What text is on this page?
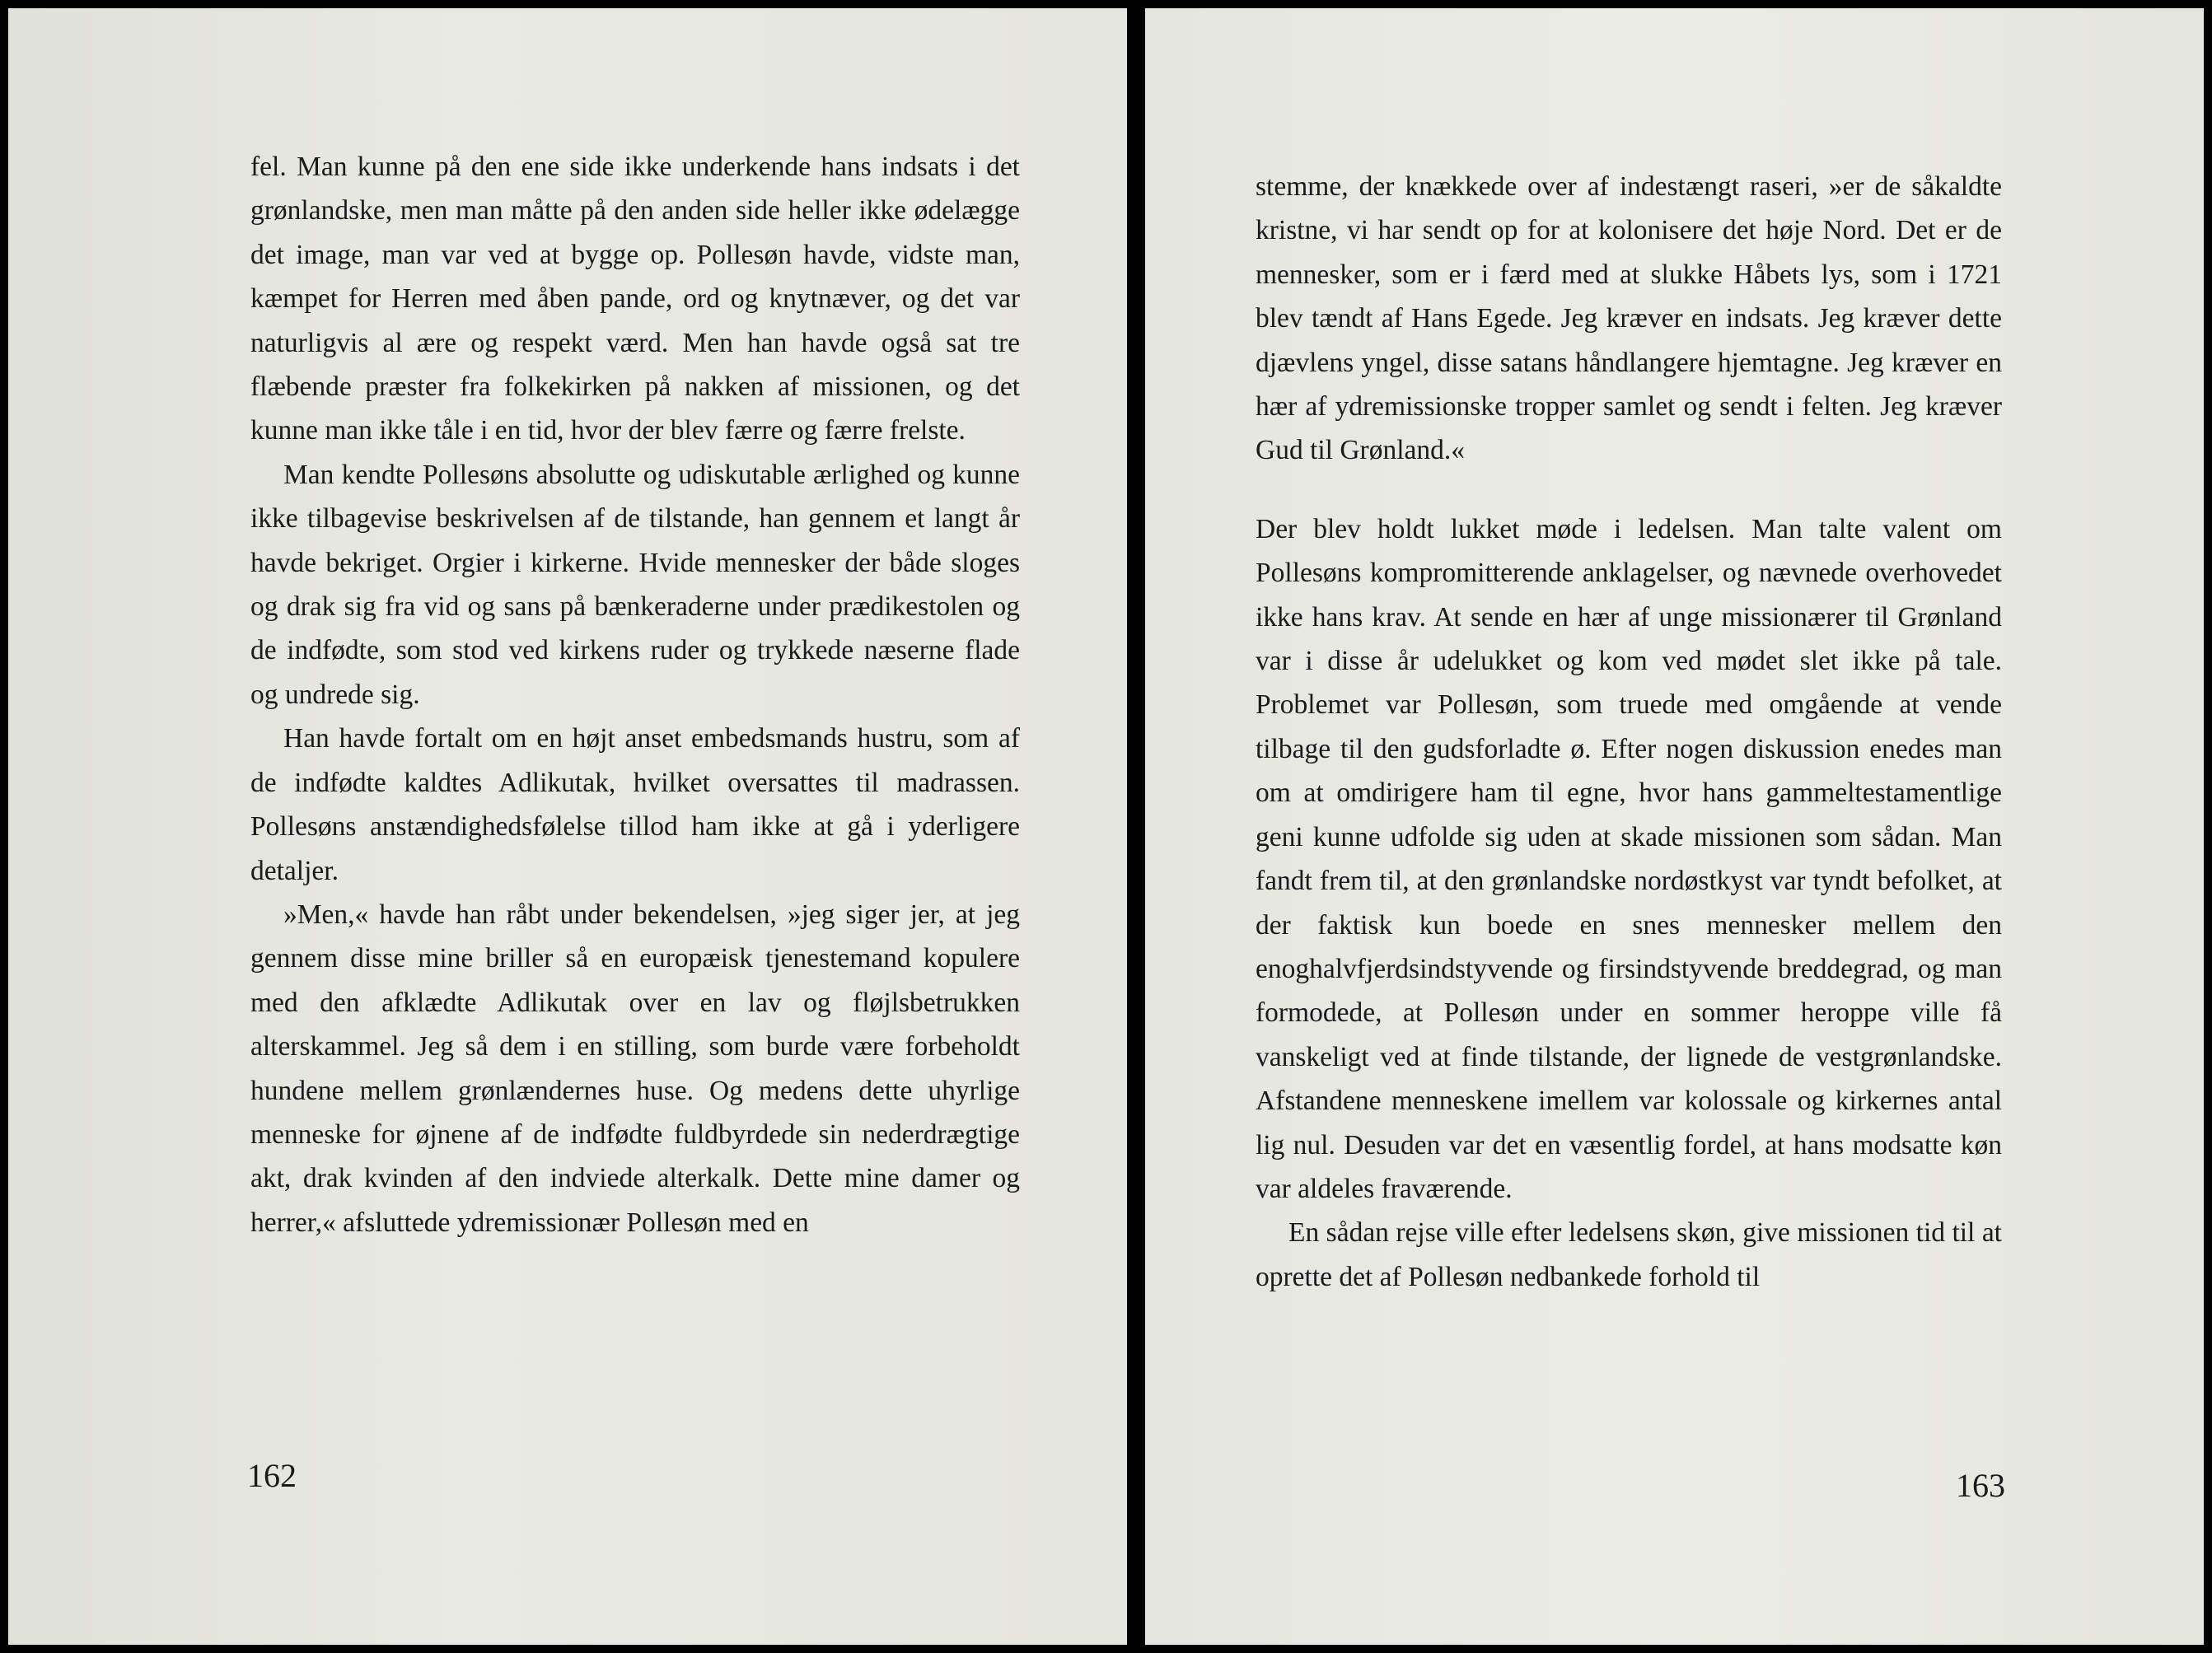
fel. Man kunne på den ene side ikke underkende hans indsats i det grønlandske, men man måtte på den anden side heller ikke ødelægge det image, man var ved at bygge op. Pollesøn havde, vidste man, kæmpet for Herren med åben pande, ord og knytnæver, og det var naturligvis al ære og respekt værd. Men han havde også sat tre flæbende præster fra folkekirken på nakken af missionen, og det kunne man ikke tåle i en tid, hvor der blev færre og færre frelste.

Man kendte Pollesøns absolutte og udiskutable ærlighed og kunne ikke tilbagevise beskrivelsen af de tilstande, han gennem et langt år havde bekriget. Orgier i kirkerne. Hvide mennesker der både sloges og drak sig fra vid og sans på bænkeraderne under prædikestolen og de indfødte, som stod ved kirkens ruder og trykkede næserne flade og undrede sig.

Han havde fortalt om en højt anset embedsmands hustru, som af de indfødte kaldtes Adlikutak, hvilket oversattes til madrassen. Pollesøns anstændighedsfølelse tillod ham ikke at gå i yderligere detaljer.

»Men,« havde han råbt under bekendelsen, »jeg siger jer, at jeg gennem disse mine briller så en europæisk tjenestemand kopulere med den afklædte Adlikutak over en lav og fløjlsbetrukken alterskammel. Jeg så dem i en stilling, som burde være forbeholdt hundene mellem grønlændernes huse. Og medens dette uhyrlige menneske for øjnene af de indfødte fuldbyrdede sin nederdrægtige akt, drak kvinden af den indviede alterkalk. Dette mine damer og herrer,« afsluttede ydremissionær Pollesøn med en

162

stemme, der knækkede over af indestængt raseri, »er de såkaldte kristne, vi har sendt op for at kolonisere det høje Nord. Det er de mennesker, som er i færd med at slukke Håbets lys, som i 1721 blev tændt af Hans Egede. Jeg kræver en indsats. Jeg kræver dette djævlens yngel, disse satans håndlangere hjemtagne. Jeg kræver en hær af ydremissionske tropper samlet og sendt i felten. Jeg kræver Gud til Grønland.«

Der blev holdt lukket møde i ledelsen. Man talte valent om Pollesøns kompromitterende anklagelser, og nævnede overhovedet ikke hans krav. At sende en hær af unge missionærer til Grønland var i disse år udelukket og kom ved mødet slet ikke på tale. Problemet var Pollesøn, som truede med omgående at vende tilbage til den gudsforladte ø. Efter nogen diskussion enedes man om at omdirigere ham til egne, hvor hans gammeltestamentlige geni kunne udfolde sig uden at skade missionen som sådan. Man fandt frem til, at den grønlandske nordøstkyst var tyndt befolket, at der faktisk kun boede en snes mennesker mellem den enoghalvfjerdsindstyvende og firsindstyvende breddegrad, og man formodede, at Pollesøn under en sommer heroppe ville få vanskeligt ved at finde tilstande, der lignede de vestgrønlandske. Afstandene menneskene imellem var kolossale og kirkernes antal lig nul. Desuden var det en væsentlig fordel, at hans modsatte køn var aldeles fraværende.

En sådan rejse ville efter ledelsens skøn, give missionen tid til at oprette det af Pollesøn nedbankede forhold til

163
